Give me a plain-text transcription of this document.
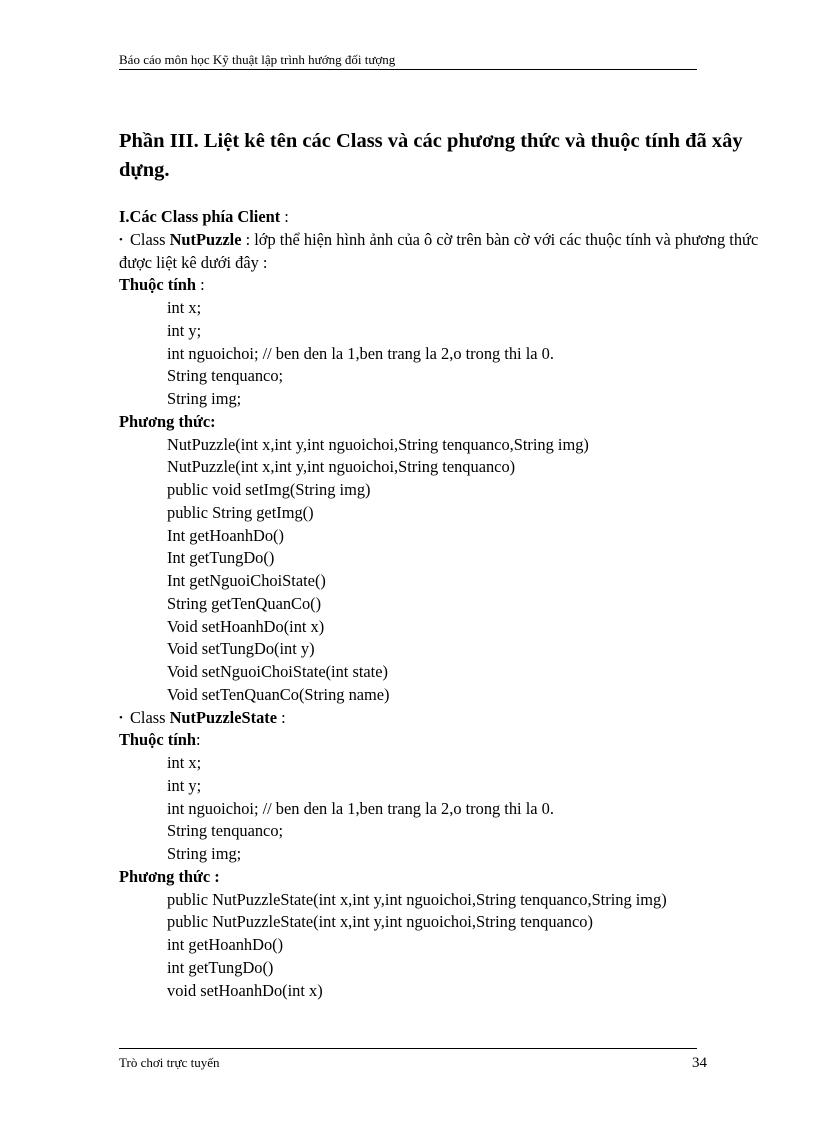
Báo cáo môn học Kỹ thuật lập trình hướng đối tượng
Phần III. Liệt kê tên các Class và các phương thức và thuộc tính đã xây dựng.
I.Các Class phía Client :
• Class NutPuzzle : lớp thể hiện hình ảnh của ô cờ trên bàn cờ với các thuộc tính và phương thức được liệt kê dưới đây :
Thuộc tính :
int x;
int y;
int nguoichoi; // ben den la 1,ben trang la 2,o trong thi la 0.
String tenquanco;
String img;
Phương thức:
NutPuzzle(int x,int y,int nguoichoi,String tenquanco,String img)
NutPuzzle(int x,int y,int nguoichoi,String tenquanco)
public void setImg(String img)
public String getImg()
Int getHoanhDo()
Int getTungDo()
Int getNguoiChoiState()
String getTenQuanCo()
Void setHoanhDo(int x)
Void setTungDo(int y)
Void setNguoiChoiState(int state)
Void setTenQuanCo(String name)
• Class NutPuzzleState :
Thuộc tính:
int x;
int y;
int nguoichoi; // ben den la 1,ben trang la 2,o trong thi la 0.
String tenquanco;
String img;
Phương thức :
public NutPuzzleState(int x,int y,int nguoichoi,String tenquanco,String img)
public NutPuzzleState(int x,int y,int nguoichoi,String tenquanco)
int getHoanhDo()
int getTungDo()
void setHoanhDo(int x)
Trò chơi trực tuyến	34
